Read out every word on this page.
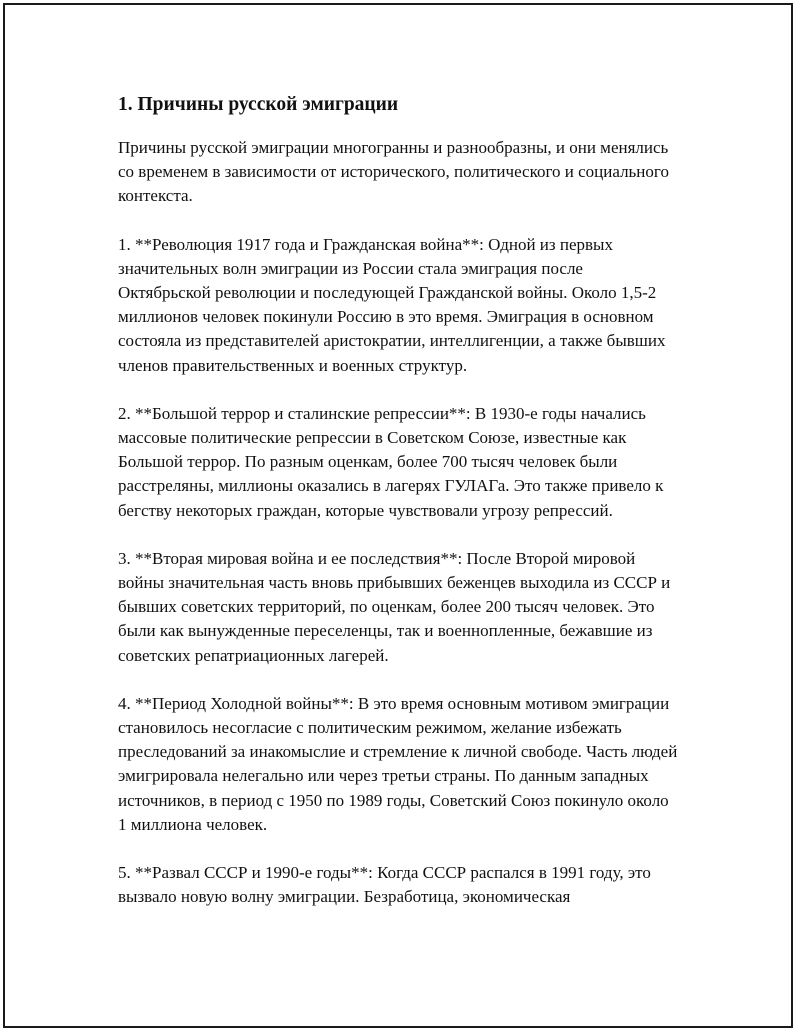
1. Причины русской эмиграции

Причины русской эмиграции многогранны и разнообразны, и они менялись со временем в зависимости от исторического, политического и социального контекста.

1. **Революция 1917 года и Гражданская война**: Одной из первых значительных волн эмиграции из России стала эмиграция после Октябрьской революции и последующей Гражданской войны. Около 1,5-2 миллионов человек покинули Россию в это время. Эмиграция в основном состояла из представителей аристократии, интеллигенции, а также бывших членов правительственных и военных структур.

2. **Большой террор и сталинские репрессии**: В 1930-е годы начались массовые политические репрессии в Советском Союзе, известные как Большой террор. По разным оценкам, более 700 тысяч человек были расстреляны, миллионы оказались в лагерях ГУЛАГа. Это также привело к бегству некоторых граждан, которые чувствовали угрозу репрессий.

3. **Вторая мировая война и ее последствия**: После Второй мировой войны значительная часть вновь прибывших беженцев выходила из СССР и бывших советских территорий, по оценкам, более 200 тысяч человек. Это были как вынужденные переселенцы, так и военнопленные, бежавшие из советских репатриационных лагерей.

4. **Период Холодной войны**: В это время основным мотивом эмиграции становилось несогласие с политическим режимом, желание избежать преследований за инакомыслие и стремление к личной свободе. Часть людей эмигрировала нелегально или через третьи страны. По данным западных источников, в период с 1950 по 1989 годы, Советский Союз покинуло около 1 миллиона человек.

5. **Развал СССР и 1990-е годы**: Когда СССР распался в 1991 году, это вызвало новую волну эмиграции. Безработица, экономическая
